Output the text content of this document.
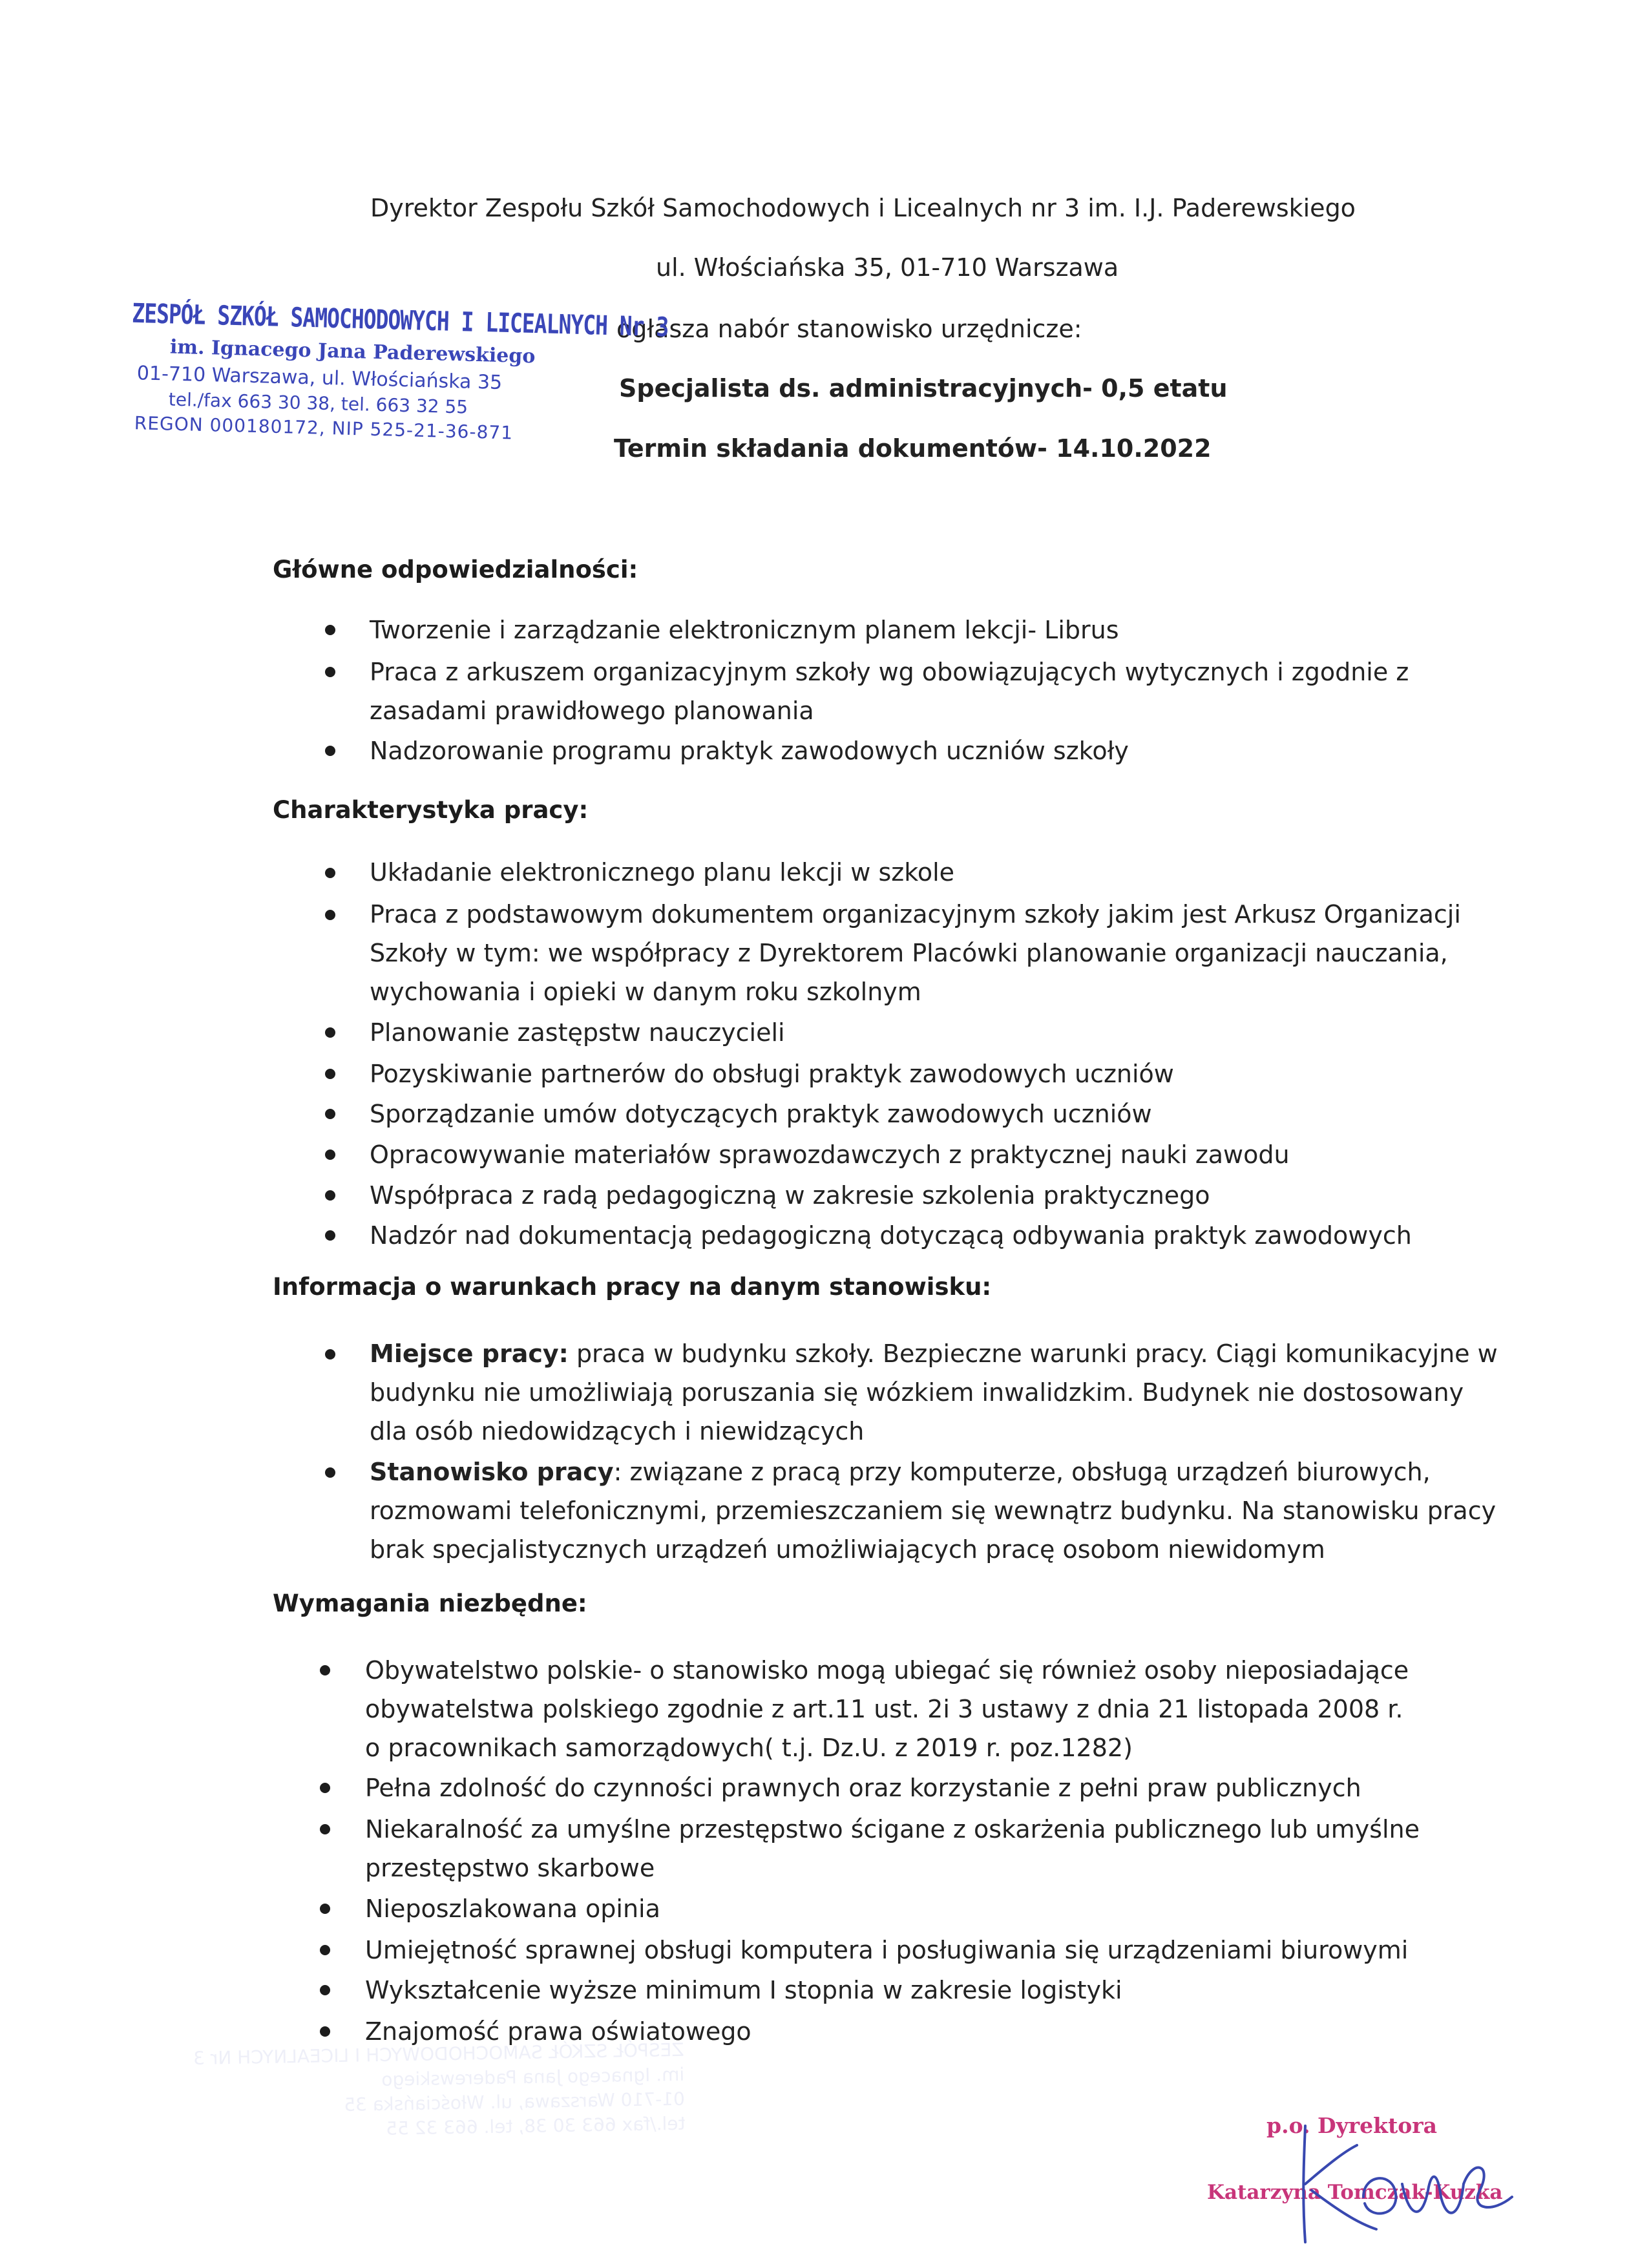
Dyrektor Zespołu Szkół Samochodowych i Licealnych nr 3 im. I.J. Paderewskiego
ul. Włościańska 35, 01-710 Warszawa
ogłasza nabór stanowisko urzędnicze:
Specjalista ds. administracyjnych- 0,5 etatu
Termin składania dokumentów- 14.10.2022
ZESPÓŁ SZKÓŁ SAMOCHODOWYCH I LICEALNYCH Nr 3
im. Ignacego Jana Paderewskiego
01-710 Warszawa, ul. Włościańska 35
tel./fax 663 30 38, tel. 663 32 55
REGON 000180172, NIP 525-21-36-871
Główne odpowiedzialności:
Tworzenie i zarządzanie elektronicznym planem lekcji- Librus
Praca z arkuszem organizacyjnym szkoły wg obowiązujących wytycznych i zgodnie z zasadami prawidłowego planowania
Nadzorowanie programu praktyk zawodowych uczniów szkoły
Charakterystyka pracy:
Układanie elektronicznego planu lekcji w szkole
Praca z podstawowym dokumentem organizacyjnym szkoły jakim jest Arkusz Organizacji Szkoły w tym: we współpracy z Dyrektorem Placówki planowanie organizacji nauczania, wychowania i opieki w danym roku szkolnym
Planowanie zastępstw nauczycieli
Pozyskiwanie partnerów do obsługi praktyk zawodowych uczniów
Sporządzanie umów dotyczących praktyk zawodowych uczniów
Opracowywanie materiałów sprawozdawczych z praktycznej nauki zawodu
Współpraca z radą pedagogiczną w zakresie szkolenia praktycznego
Nadzór nad dokumentacją pedagogiczną dotyczącą odbywania praktyk zawodowych
Informacja o warunkach pracy na danym stanowisku:
Miejsce pracy: praca w budynku szkoły. Bezpieczne warunki pracy. Ciągi komunikacyjne w budynku nie umożliwiają poruszania się wózkiem inwalidzkim. Budynek nie dostosowany dla osób niedowidzących i niewidzących
Stanowisko pracy: związane z pracą przy komputerze, obsługą urządzeń biurowych, rozmowami telefonicznymi, przemieszczaniem się wewnątrz budynku. Na stanowisku pracy brak specjalistycznych urządzeń umożliwiających pracę osobom niewidomym
Wymagania niezbędne:
Obywatelstwo polskie- o stanowisko mogą ubiegać się również osoby nieposiadające obywatelstwa polskiego zgodnie z art.11 ust. 2i 3 ustawy z dnia 21 listopada 2008 r. o pracownikach samorządowych( t.j. Dz.U. z 2019 r. poz.1282)
Pełna zdolność do czynności prawnych oraz korzystanie z pełni praw publicznych
Niekaralność za umyślne przestępstwo ścigane z oskarżenia publicznego lub umyślne przestępstwo skarbowe
Nieposzlakowana opinia
Umiejętność sprawnej obsługi komputera i posługiwania się urządzeniami biurowymi
Wykształcenie wyższe minimum I stopnia w zakresie logistyki
Znajomość prawa oświatowego
ZESPÓŁ SZKÓŁ SAMOCHODOWYCH I LICEALNYCH Nr 3
im. Ignacego Jana Paderewskiego
01-710 Warszawa, ul. Włościańska 35
tel./fax 663 30 38, tel. 663 32 55	p.o. Dyrektora
Katarzyna Tomczak-Kuzka
